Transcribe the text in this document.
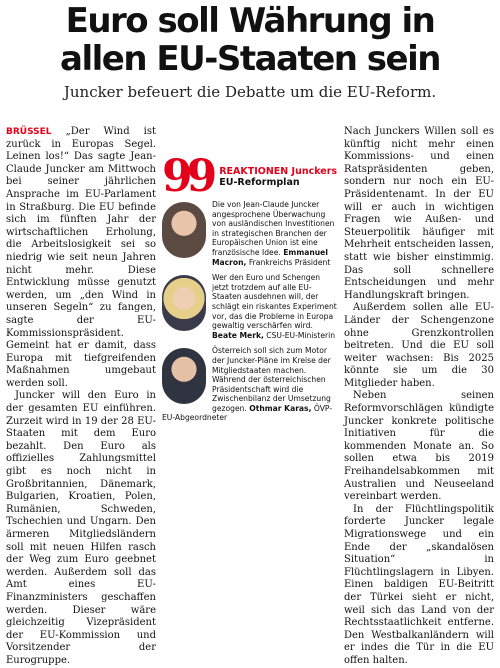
Euro soll Währung in
allen EU-Staaten sein
Juncker befeuert die Debatte um die EU-Reform.

BRÜSSEL „Der Wind ist zurück in Europas Segel. Leinen los!“ Das sagte Jean-Claude Juncker am Mittwoch bei seiner jährlichen Ansprache im EU-Parlament in Straßburg. Die EU befinde sich im fünften Jahr der wirtschaftlichen Erholung, die Arbeitslosigkeit sei so niedrig wie seit neun Jahren nicht mehr. Diese Entwicklung müsse genutzt werden, um „den Wind in unseren Segeln“ zu fangen, sagte der EU-Kommissionspräsident. Gemeint hat er damit, dass Europa mit tiefgreifenden Maßnahmen umgebaut werden soll.

Juncker will den Euro in der gesamten EU einführen. Zurzeit wird in 19 der 28 EU-Staaten mit dem Euro bezahlt. Den Euro als offizielles Zahlungsmittel gibt es noch nicht in Großbritannien, Dänemark, Bulgarien, Kroatien, Polen, Rumänien, Schweden, Tschechien und Ungarn. Den ärmeren Mitgliedsländern soll mit neuen Hilfen rasch der Weg zum Euro geebnet werden. Außerdem soll das Amt eines EU-Finanzministers geschaffen werden. Dieser wäre gleichzeitig Vizepräsident der EU-Kommission und Vorsitzender der Eurogruppe.

99 REAKTIONEN Junckers
EU-Reformplan
Die von Jean-Claude Juncker angesprochene Überwachung von ausländischen Investitionen in strategischen Branchen der Europäischen Union ist eine französische Idee. Emmanuel Macron, Frankreichs Präsident
Wer den Euro und Schengen jetzt trotzdem auf alle EU-Staaten ausdehnen will, der schlägt ein riskantes Experiment vor, das die Probleme in Europa gewaltig verschärfen wird. Beate Merk, CSU-EU-Ministerin
Österreich soll sich zum Motor der Juncker-Pläne im Kreise der Mitgliedstaaten machen. Während der österreichischen Präsidentschaft wird die Zwischenbilanz der Umsetzung gezogen. Othmar Karas, ÖVP-EU-Abgeordneter

Nach Junckers Willen soll es künftig nicht mehr einen Kommissions- und einen Ratspräsidenten geben, sondern nur noch ein EU-Präsidentenamt. In der EU will er auch in wichtigen Fragen wie Außen- und Steuerpolitik häufiger mit Mehrheit entscheiden lassen, statt wie bisher einstimmig. Das soll schnellere Entscheidungen und mehr Handlungskraft bringen.

Außerdem sollen alle EU-Länder der Schengenzone ohne Grenzkontrollen beitreten. Und die EU soll weiter wachsen: Bis 2025 könnte sie um die 30 Mitglieder haben.

Neben seinen Reformvorschlägen kündigte Juncker konkrete politische Initiativen für die kommenden Monate an. So sollen etwa bis 2019 Freihandelsabkommen mit Australien und Neuseeland vereinbart werden.

In der Flüchtlingspolitik forderte Juncker legale Migrationswege und ein Ende der „skandalösen Situation“ in Flüchtlingslagern in Libyen. Einen baldigen EU-Beitritt der Türkei sieht er nicht, weil sich das Land von der Rechtsstaatlichkeit entferne. Den Westbalkanländern will er indes die Tür in die EU offen halten.
